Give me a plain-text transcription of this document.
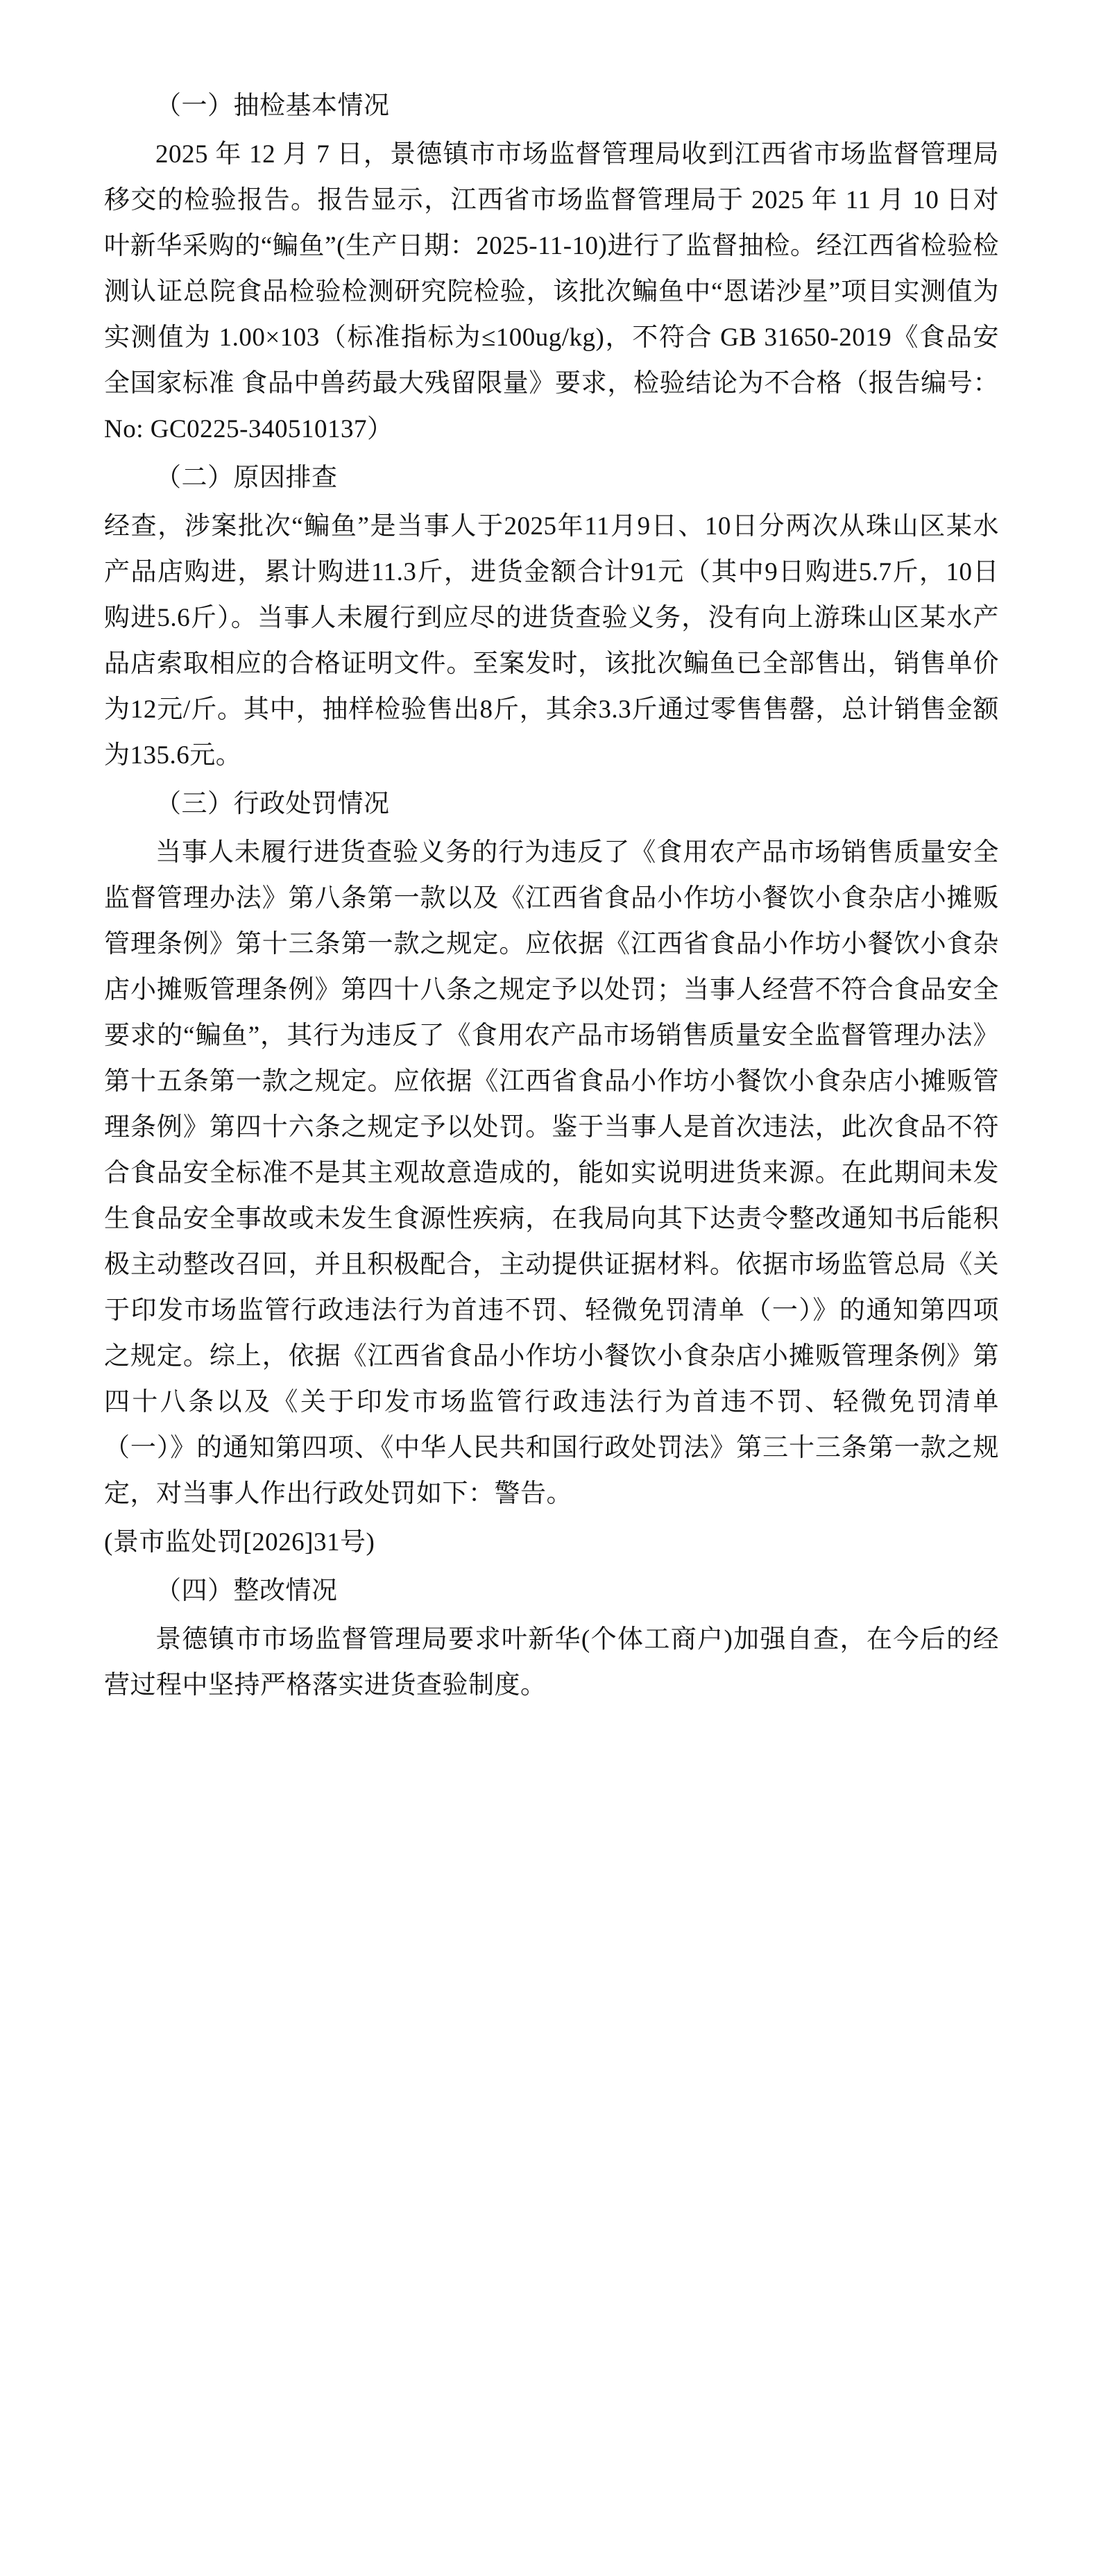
（一）抽检基本情况

2025 年 12 月 7 日，景德镇市市场监督管理局收到江西省市场监督管理局移交的检验报告。报告显示，江西省市场监督管理局于 2025 年 11 月 10 日对叶新华采购的“鳊鱼”(生产日期：2025-11-10)进行了监督抽检。经江西省检验检测认证总院食品检验检测研究院检验，该批次鳊鱼中“恩诺沙星”项目实测值为 实测值为 1.00×103（标准指标为≤100ug/kg)，不符合 GB 31650-2019《食品安全国家标准 食品中兽药最大残留限量》要求，检验结论为不合格（报告编号：No: GC0225-340510137）

（二）原因排查

经查，涉案批次“鳊鱼”是当事人于2025年11月9日、10日分两次从珠山区某水产品店购进，累计购进11.3斤，进货金额合计91元（其中9日购进5.7斤，10日购进5.6斤）。当事人未履行到应尽的进货查验义务，没有向上游珠山区某水产品店索取相应的合格证明文件。至案发时，该批次鳊鱼已全部售出，销售单价为12元/斤。其中，抽样检验售出8斤，其余3.3斤通过零售售罄，总计销售金额为135.6元。

（三）行政处罚情况

当事人未履行进货查验义务的行为违反了《食用农产品市场销售质量安全监督管理办法》第八条第一款以及《江西省食品小作坊小餐饮小食杂店小摊贩管理条例》第十三条第一款之规定。应依据《江西省食品小作坊小餐饮小食杂店小摊贩管理条例》第四十八条之规定予以处罚；当事人经营不符合食品安全要求的“鳊鱼”，其行为违反了《食用农产品市场销售质量安全监督管理办法》第十五条第一款之规定。应依据《江西省食品小作坊小餐饮小食杂店小摊贩管理条例》第四十六条之规定予以处罚。鉴于当事人是首次违法，此次食品不符合食品安全标准不是其主观故意造成的，能如实说明进货来源。在此期间未发生食品安全事故或未发生食源性疾病，在我局向其下达责令整改通知书后能积极主动整改召回，并且积极配合，主动提供证据材料。依据市场监管总局《关于印发市场监管行政违法行为首违不罚、轻微免罚清单（一）》的通知第四项之规定。综上，依据《江西省食品小作坊小餐饮小食杂店小摊贩管理条例》第四十八条以及《关于印发市场监管行政违法行为首违不罚、轻微免罚清单（一）》的通知第四项、《中华人民共和国行政处罚法》第三十三条第一款之规定，对当事人作出行政处罚如下：警告。

(景市监处罚[2026]31号)

（四）整改情况

景德镇市市场监督管理局要求叶新华(个体工商户)加强自查，在今后的经营过程中坚持严格落实进货查验制度。
